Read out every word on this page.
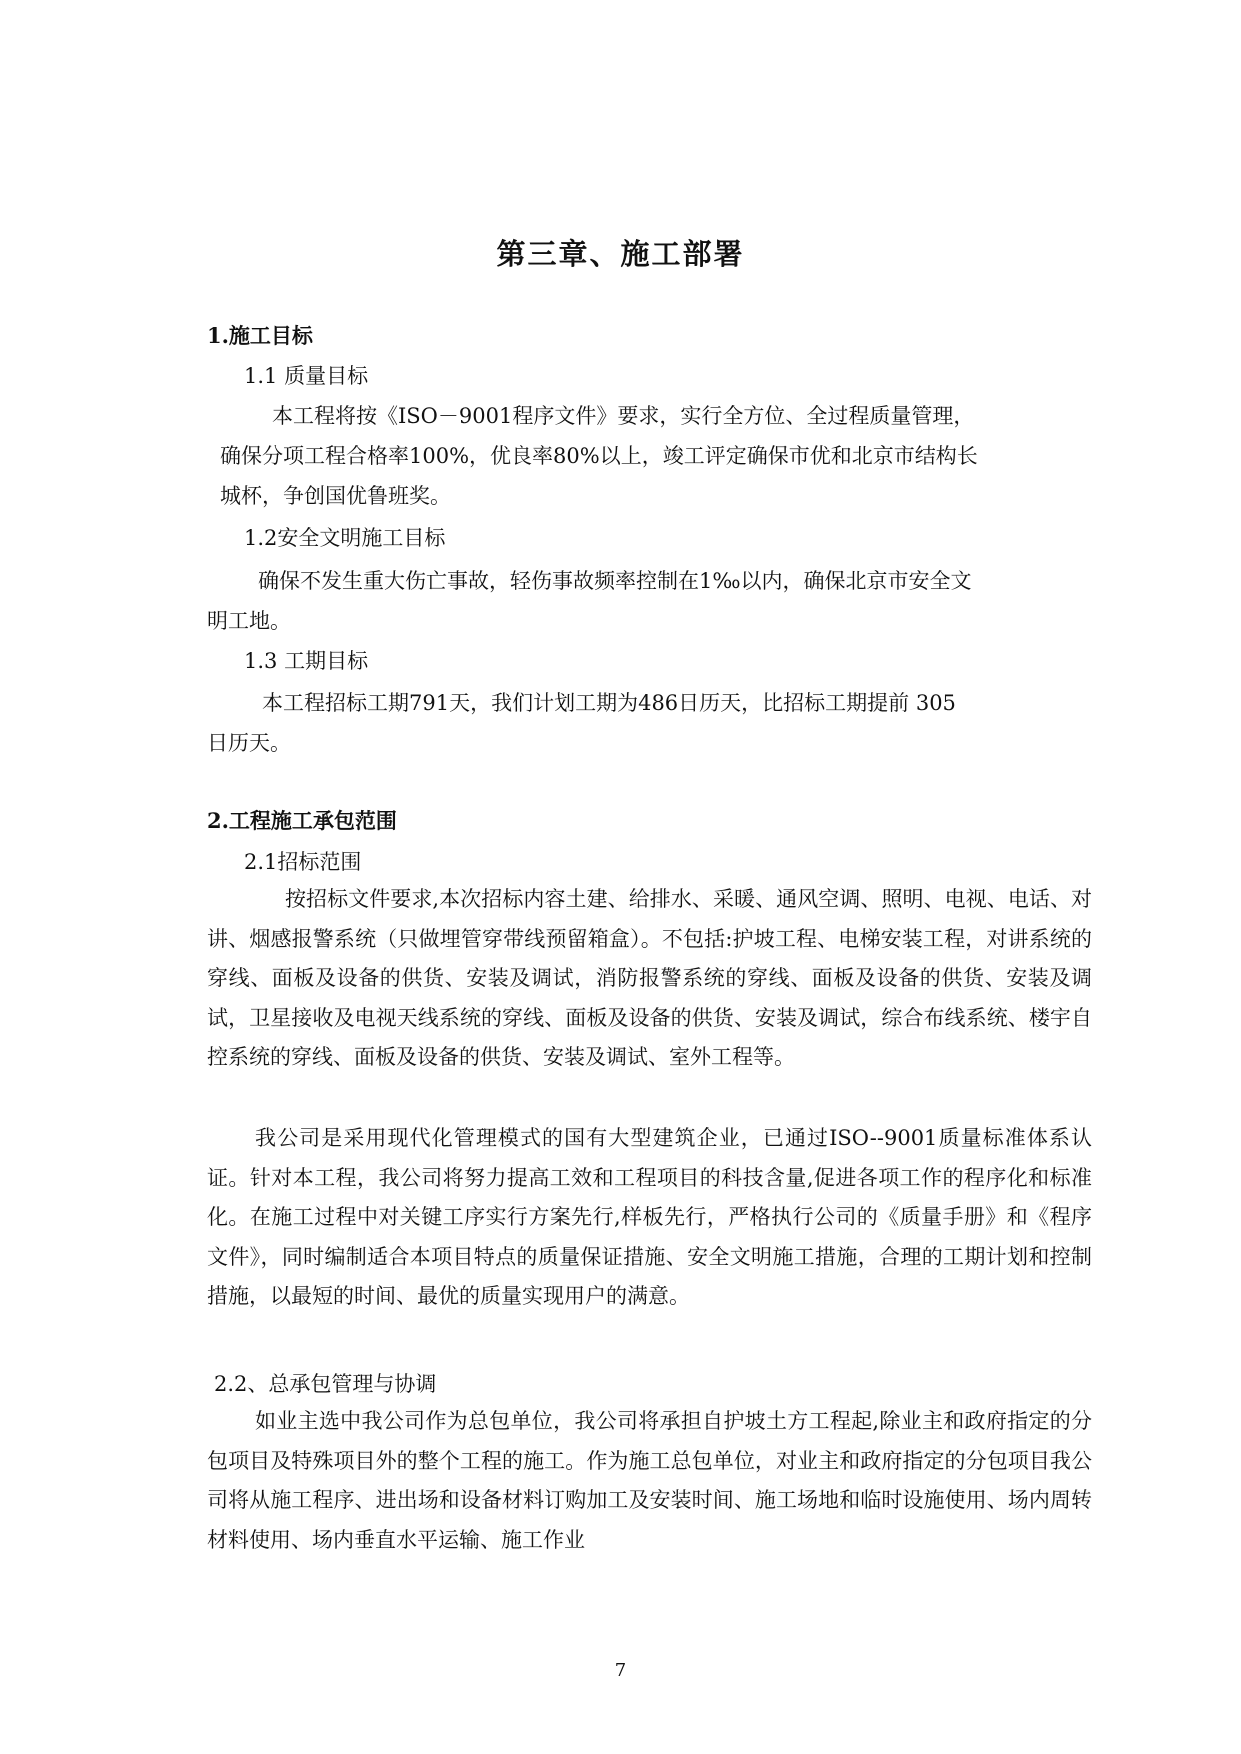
第三章、施工部署
1.施工目标
1.1 质量目标
本工程将按《ISO－9001程序文件》要求，实行全方位、全过程质量管理，
确保分项工程合格率100%，优良率80%以上，竣工评定确保市优和北京市结构长
城杯，争创国优鲁班奖。
1.2安全文明施工目标
确保不发生重大伤亡事故，轻伤事故频率控制在1‰以内，确保北京市安全文
明工地。
1.3 工期目标
本工程招标工期791天，我们计划工期为486日历天，比招标工期提前 305
日历天。
2.工程施工承包范围
2.1招标范围
按招标文件要求,本次招标内容土建、给排水、采暖、通风空调、照明、电视、电话、对讲、烟感报警系统（只做埋管穿带线预留箱盒）。不包括:护坡工程、电梯安装工程，对讲系统的穿线、面板及设备的供货、安装及调试，消防报警系统的穿线、面板及设备的供货、安装及调试，卫星接收及电视天线系统的穿线、面板及设备的供货、安装及调试，综合布线系统、楼宇自控系统的穿线、面板及设备的供货、安装及调试、室外工程等。
我公司是采用现代化管理模式的国有大型建筑企业，已通过ISO--9001质量标准体系认证。针对本工程，我公司将努力提高工效和工程项目的科技含量,促进各项工作的程序化和标准化。在施工过程中对关键工序实行方案先行,样板先行，严格执行公司的《质量手册》和《程序文件》，同时编制适合本项目特点的质量保证措施、安全文明施工措施，合理的工期计划和控制措施，以最短的时间、最优的质量实现用户的满意。
2.2、总承包管理与协调
如业主选中我公司作为总包单位，我公司将承担自护坡土方工程起,除业主和政府指定的分包项目及特殊项目外的整个工程的施工。作为施工总包单位，对业主和政府指定的分包项目我公司将从施工程序、进出场和设备材料订购加工及安装时间、施工场地和临时设施使用、场内周转材料使用、场内垂直水平运输、施工作业
7
